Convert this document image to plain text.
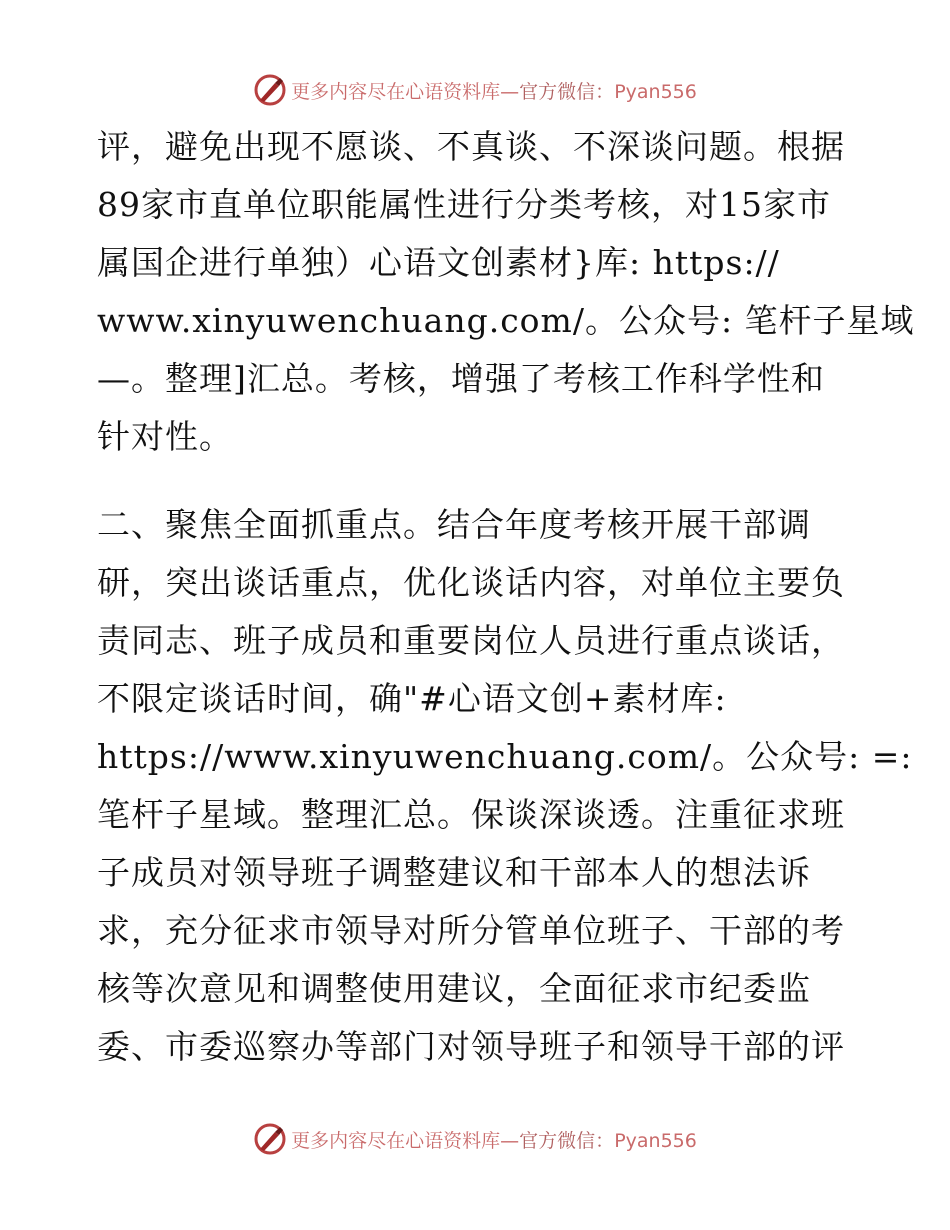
更多内容尽在心语资料库—官方微信：Pyan556
评，避免出现不愿谈、不真谈、不深谈问题。根据
89家市直单位职能属性进行分类考核，对15家市
属国企进行单独）心语文创素材}库: https://
www.xinyuwenchuang.com/。公众号: 笔杆子星域
—。整理]汇总。考核，增强了考核工作科学性和
针对性。
二、聚焦全面抓重点。结合年度考核开展干部调
研，突出谈话重点，优化谈话内容，对单位主要负
责同志、班子成员和重要岗位人员进行重点谈话，
不限定谈话时间，确"#心语文创+素材库:
https://www.xinyuwenchuang.com/。公众号: =:
笔杆子星域。整理汇总。保谈深谈透。注重征求班
子成员对领导班子调整建议和干部本人的想法诉
求，充分征求市领导对所分管单位班子、干部的考
核等次意见和调整使用建议，全面征求市纪委监
委、市委巡察办等部门对领导班子和领导干部的评
更多内容尽在心语资料库—官方微信：Pyan556
